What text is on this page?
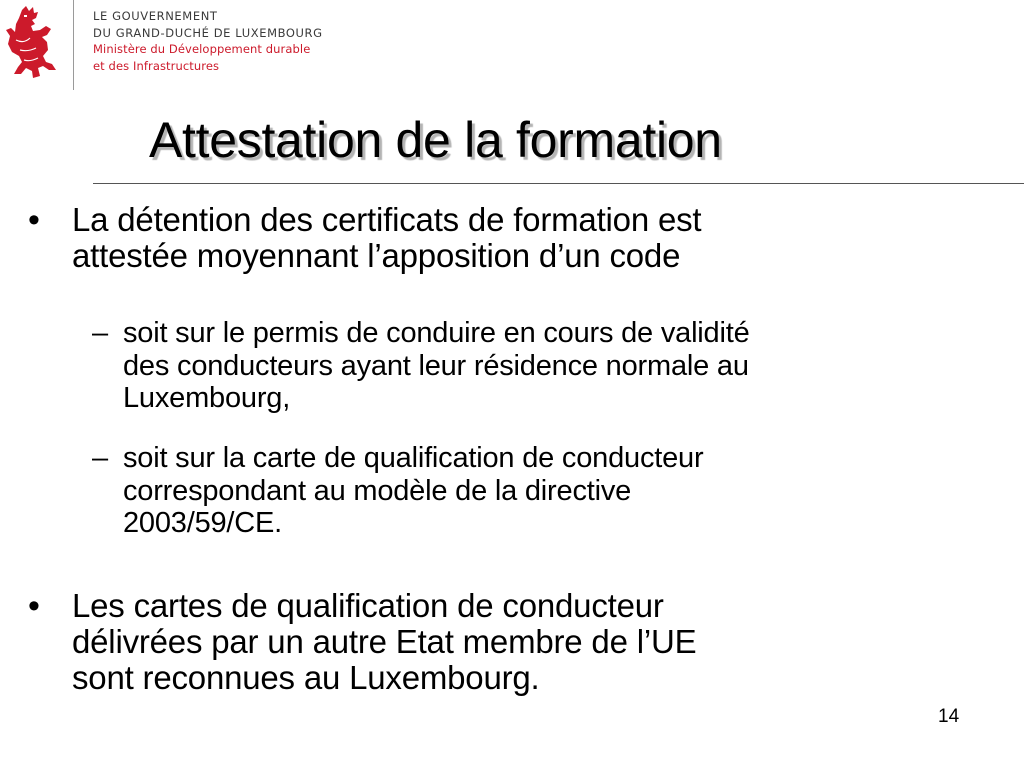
LE GOUVERNEMENT
DU GRAND-DUCHÉ DE LUXEMBOURG
Ministère du Développement durable
et des Infrastructures
Attestation de la formation
• La détention des certificats de formation est
attestée moyennant l’apposition d’un code
– soit sur le permis de conduire en cours de validité
des conducteurs ayant leur résidence normale au
Luxembourg,
– soit sur la carte de qualification de conducteur
correspondant au modèle de la directive
2003/59/CE.
• Les cartes de qualification de conducteur
délivrées par un autre Etat membre de l’UE
sont reconnues au Luxembourg.
14
